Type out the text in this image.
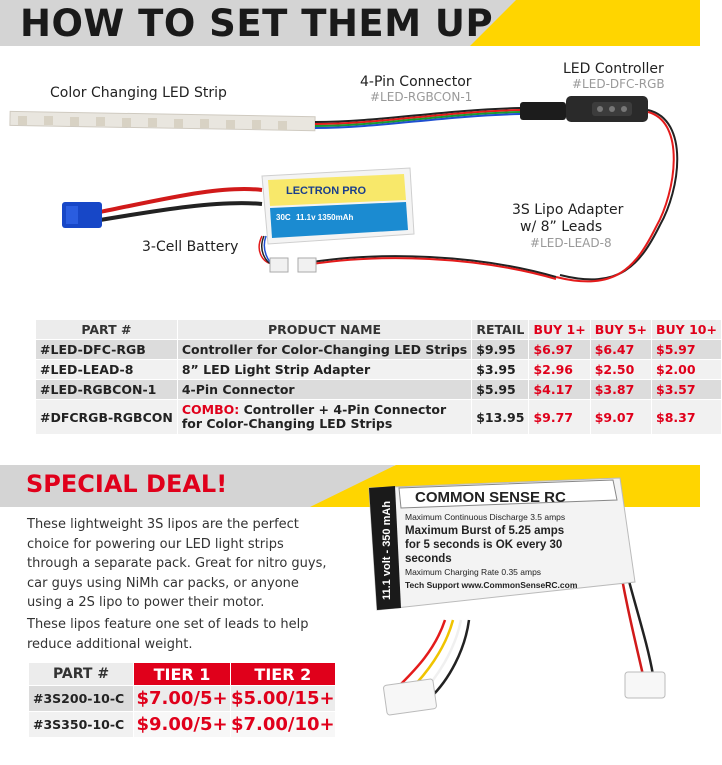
HOW TO SET THEM UP
LECTRON PRO
11.1v 1350mAh
30C
Color Changing LED Strip
4-Pin Connector
#LED-RGBCON-1
LED Controller
#LED-DFC-RGB
3S Lipo Adapter
w/ 8” Leads
#LED-LEAD-8
3-Cell Battery
PART #	PRODUCT NAME	RETAIL	BUY 1+	BUY 5+	BUY 10+
#LED-DFC-RGB	Controller for Color-Changing LED Strips	$9.95	$6.97	$6.47	$5.97
#LED-LEAD-8	8” LED Light Strip Adapter	$3.95	$2.96	$2.50	$2.00
#LED-RGBCON-1	4-Pin Connector	$5.95	$4.17	$3.87	$3.57
#DFCRGB-RGBCON	COMBO: Controller + 4-Pin Connector
for Color-Changing LED Strips	$13.95	$9.77	$9.07	$8.37
SPECIAL DEAL!
These lightweight 3S lipos are the perfect choice for powering our LED light strips through a separate pack. Great for nitro guys, car guys using NiMh car packs, or anyone using a 2S lipo to power their motor.
These lipos feature one set of leads to help reduce additional weight.
PART #	TIER 1	TIER 2
#3S200-10-C	$7.00/5+	$5.00/15+
#3S350-10-C	$9.00/5+	$7.00/10+
11.1 volt - 350 mAh
COMMON SENSE RC
Maximum Continuous Discharge 3.5 amps
Maximum Burst of 5.25 amps
for 5 seconds is OK every 30
seconds
Maximum Charging Rate 0.35 amps
Tech Support www.CommonSenseRC.com
